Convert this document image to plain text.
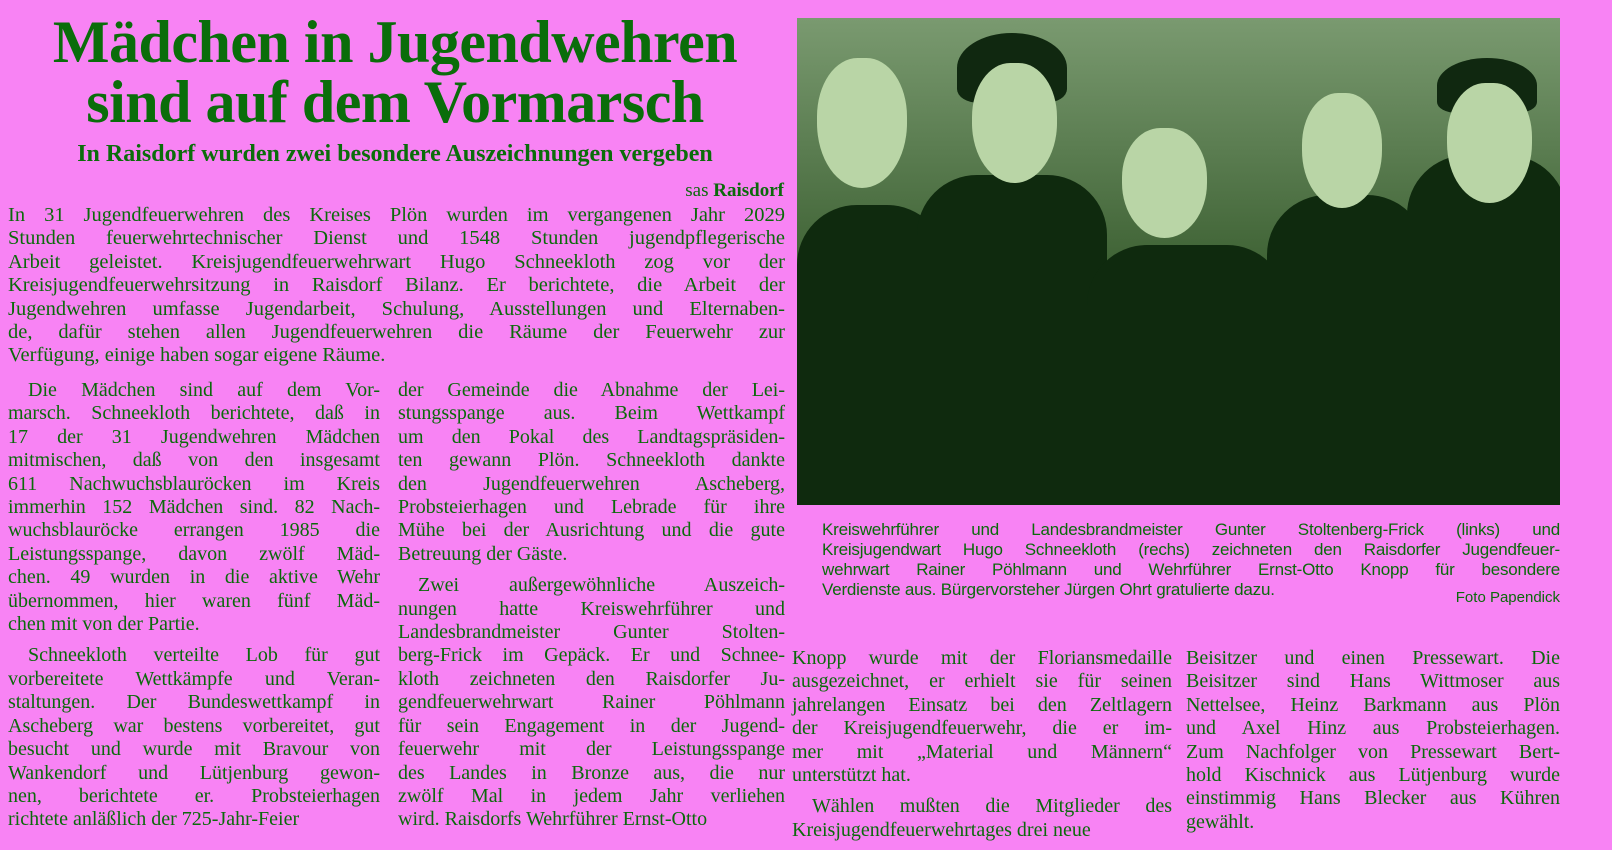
Mädchen in Jugendwehren
sind auf dem Vormarsch
In Raisdorf wurden zwei besondere Auszeichnungen vergeben
sas Raisdorf
In 31 Jugendfeuerwehren des Kreises Plön wurden im vergangenen Jahr 2029
Stunden feuerwehrtechnischer Dienst und 1548 Stunden jugendpflegerische
Arbeit geleistet. Kreisjugendfeuerwehrwart Hugo Schneekloth zog vor der
Kreisjugendfeuerwehrsitzung in Raisdorf Bilanz. Er berichtete, die Arbeit der
Jugendwehren umfasse Jugendarbeit, Schulung, Ausstellungen und Elternaben-
de, dafür stehen allen Jugendfeuerwehren die Räume der Feuerwehr zur
Verfügung, einige haben sogar eigene Räume.
Die Mädchen sind auf dem Vor-
marsch. Schneekloth berichtete, daß in
17 der 31 Jugendwehren Mädchen
mitmischen, daß von den insgesamt
611 Nachwuchsblauröcken im Kreis
immerhin 152 Mädchen sind. 82 Nach-
wuchsblauröcke errangen 1985 die
Leistungsspange, davon zwölf Mäd-
chen. 49 wurden in die aktive Wehr
übernommen, hier waren fünf Mäd-
chen mit von der Partie.
Schneekloth verteilte Lob für gut
vorbereitete Wettkämpfe und Veran-
staltungen. Der Bundeswettkampf in
Ascheberg war bestens vorbereitet, gut
besucht und wurde mit Bravour von
Wankendorf und Lütjenburg gewon-
nen, berichtete er. Probsteierhagen
richtete anläßlich der 725-Jahr-Feier
der Gemeinde die Abnahme der Lei-
stungsspange aus. Beim Wettkampf
um den Pokal des Landtagspräsiden-
ten gewann Plön. Schneekloth dankte
den Jugendfeuerwehren Ascheberg,
Probsteierhagen und Lebrade für ihre
Mühe bei der Ausrichtung und die gute
Betreuung der Gäste.
Zwei außergewöhnliche Auszeich-
nungen hatte Kreiswehrführer und
Landesbrandmeister Gunter Stolten-
berg-Frick im Gepäck. Er und Schnee-
kloth zeichneten den Raisdorfer Ju-
gendfeuerwehrwart Rainer Pöhlmann
für sein Engagement in der Jugend-
feuerwehr mit der Leistungsspange
des Landes in Bronze aus, die nur
zwölf Mal in jedem Jahr verliehen
wird. Raisdorfs Wehrführer Ernst-Otto
Kreiswehrführer und Landesbrandmeister Gunter Stoltenberg-Frick (links) und
Kreisjugendwart Hugo Schneekloth (rechs) zeichneten den Raisdorfer Jugendfeuer-
wehrwart Rainer Pöhlmann und Wehrführer Ernst-Otto Knopp für besondere
Verdienste aus. Bürgervorsteher Jürgen Ohrt gratulierte dazu.	Foto Papendick
Knopp wurde mit der Floriansmedaille
ausgezeichnet, er erhielt sie für seinen
jahrelangen Einsatz bei den Zeltlagern
der Kreisjugendfeuerwehr, die er im-
mer mit „Material und Männern“
unterstützt hat.
Wählen mußten die Mitglieder des
Kreisjugendfeuerwehrtages drei neue
Beisitzer und einen Pressewart. Die
Beisitzer sind Hans Wittmoser aus
Nettelsee, Heinz Barkmann aus Plön
und Axel Hinz aus Probsteierhagen.
Zum Nachfolger von Pressewart Bert-
hold Kischnick aus Lütjenburg wurde
einstimmig Hans Blecker aus Kühren
gewählt.
